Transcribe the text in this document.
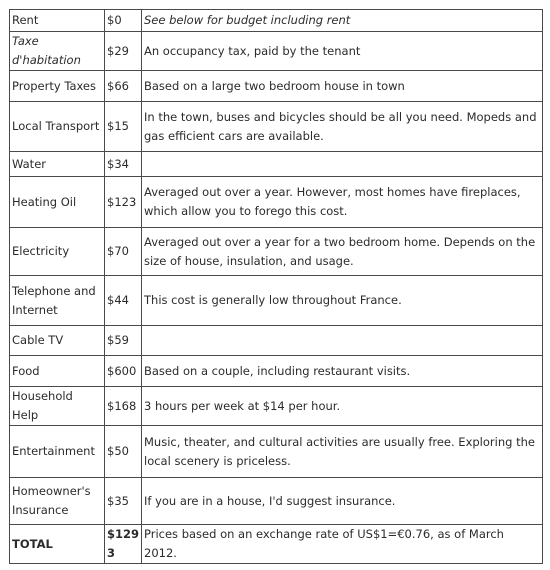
Rent	$0	See below for budget including rent
Taxe d'habitation	$29	An occupancy tax, paid by the tenant
Property Taxes	$66	Based on a large two bedroom house in town
Local Transport	$15	In the town, buses and bicycles should be all you need. Mopeds and gas efficient cars are available.
Water	$34	
Heating Oil	$123	Averaged out over a year. However, most homes have fireplaces, which allow you to forego this cost.
Electricity	$70	Averaged out over a year for a two bedroom home. Depends on the size of house, insulation, and usage.
Telephone and Internet	$44	This cost is generally low throughout France.
Cable TV	$59	
Food	$600	Based on a couple, including restaurant visits.
Household Help	$168	3 hours per week at $14 per hour.
Entertainment	$50	Music, theater, and cultural activities are usually free. Exploring the local scenery is priceless.
Homeowner's Insurance	$35	If you are in a house, I'd suggest insurance.
TOTAL	$1293	Prices based on an exchange rate of US$1=€0.76, as of March 2012.
